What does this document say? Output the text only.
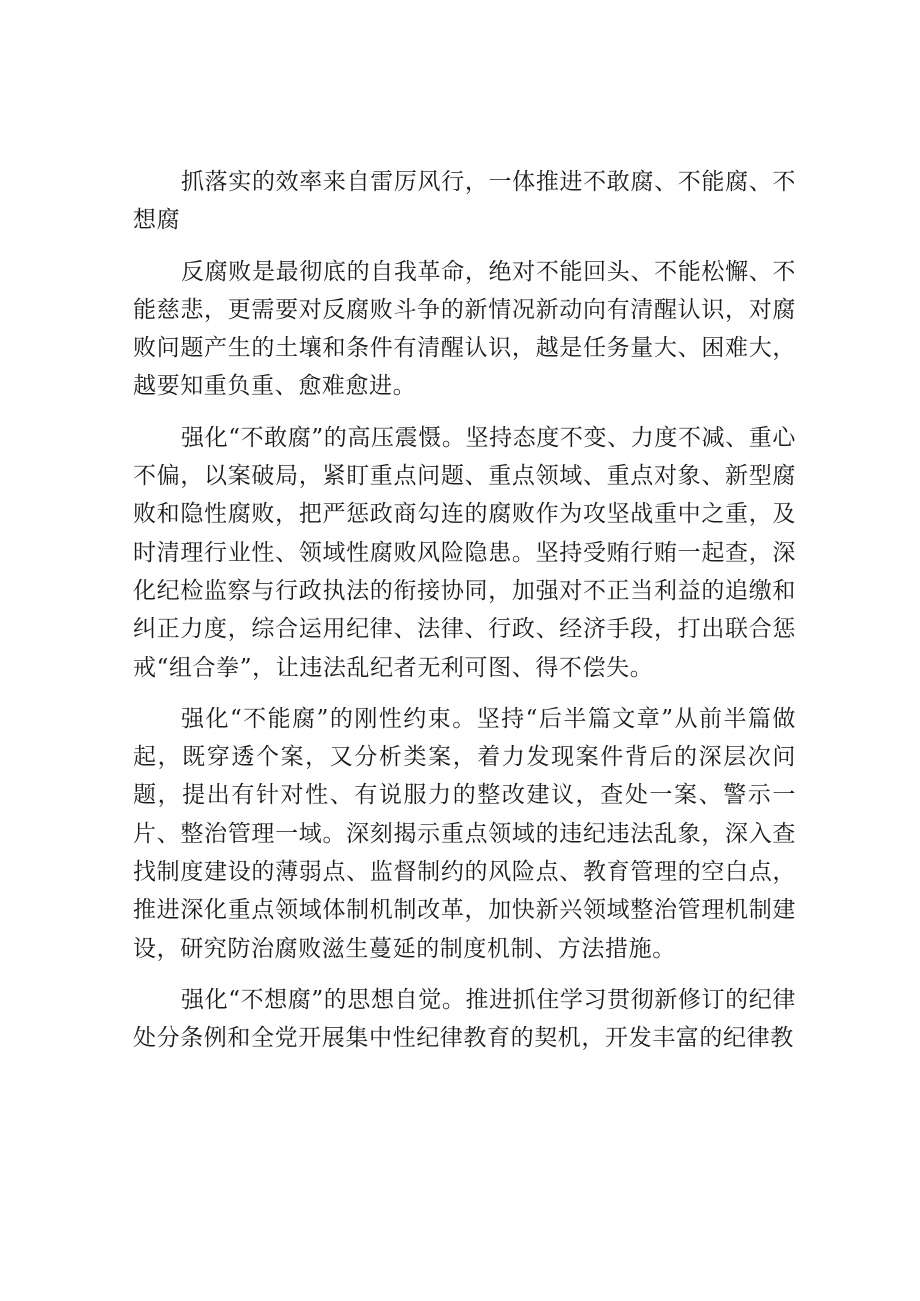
抓落实的效率来自雷厉风行，一体推进不敢腐、不能腐、不想腐

反腐败是最彻底的自我革命，绝对不能回头、不能松懈、不能慈悲，更需要对反腐败斗争的新情况新动向有清醒认识，对腐败问题产生的土壤和条件有清醒认识，越是任务量大、困难大，越要知重负重、愈难愈进。

强化“不敢腐”的高压震慑。坚持态度不变、力度不减、重心不偏，以案破局，紧盯重点问题、重点领域、重点对象、新型腐败和隐性腐败，把严惩政商勾连的腐败作为攻坚战重中之重，及时清理行业性、领域性腐败风险隐患。坚持受贿行贿一起查，深化纪检监察与行政执法的衔接协同，加强对不正当利益的追缴和纠正力度，综合运用纪律、法律、行政、经济手段，打出联合惩戒“组合拳”，让违法乱纪者无利可图、得不偿失。

强化“不能腐”的刚性约束。坚持“后半篇文章”从前半篇做起，既穿透个案，又分析类案，着力发现案件背后的深层次问题，提出有针对性、有说服力的整改建议，查处一案、警示一片、整治管理一域。深刻揭示重点领域的违纪违法乱象，深入查找制度建设的薄弱点、监督制约的风险点、教育管理的空白点，推进深化重点领域体制机制改革，加快新兴领域整治管理机制建设，研究防治腐败滋生蔓延的制度机制、方法措施。

强化“不想腐”的思想自觉。推进抓住学习贯彻新修订的纪律处分条例和全党开展集中性纪律教育的契机，开发丰富的纪律教
